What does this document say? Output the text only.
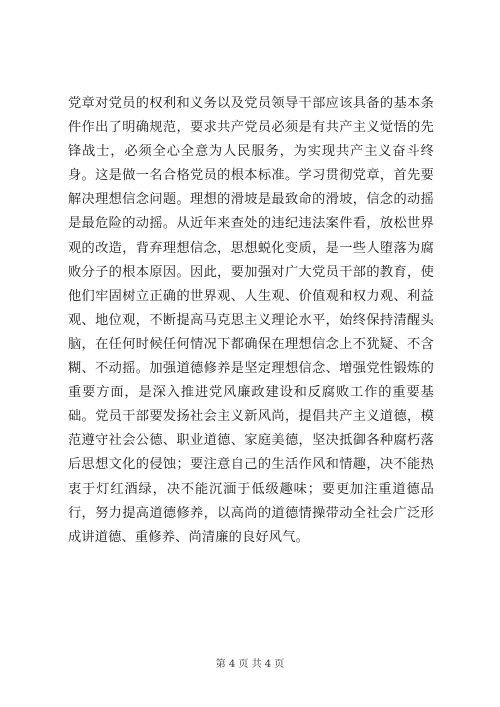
党章对党员的权利和义务以及党员领导干部应该具备的基本条件作出了明确规范，要求共产党员必须是有共产主义觉悟的先锋战士，必须全心全意为人民服务，为实现共产主义奋斗终身。这是做一名合格党员的根本标准。学习贯彻党章，首先要解决理想信念问题。理想的滑坡是最致命的滑坡，信念的动摇是最危险的动摇。从近年来查处的违纪违法案件看，放松世界观的改造，背弃理想信念，思想蜕化变质，是一些人堕落为腐败分子的根本原因。因此，要加强对广大党员干部的教育，使他们牢固树立正确的世界观、人生观、价值观和权力观、利益观、地位观，不断提高马克思主义理论水平，始终保持清醒头脑，在任何时候任何情况下都确保在理想信念上不犹疑、不含糊、不动摇。加强道德修养是坚定理想信念、增强党性锻炼的重要方面，是深入推进党风廉政建设和反腐败工作的重要基础。党员干部要发扬社会主义新风尚，提倡共产主义道德，模范遵守社会公德、职业道德、家庭美德，坚决抵御各种腐朽落后思想文化的侵蚀；要注意自己的生活作风和情趣，决不能热衷于灯红酒绿，决不能沉湎于低级趣味；要更加注重道德品行，努力提高道德修养，以高尚的道德情操带动全社会广泛形成讲道德、重修养、尚清廉的良好风气。

第 4 页 共 4 页
